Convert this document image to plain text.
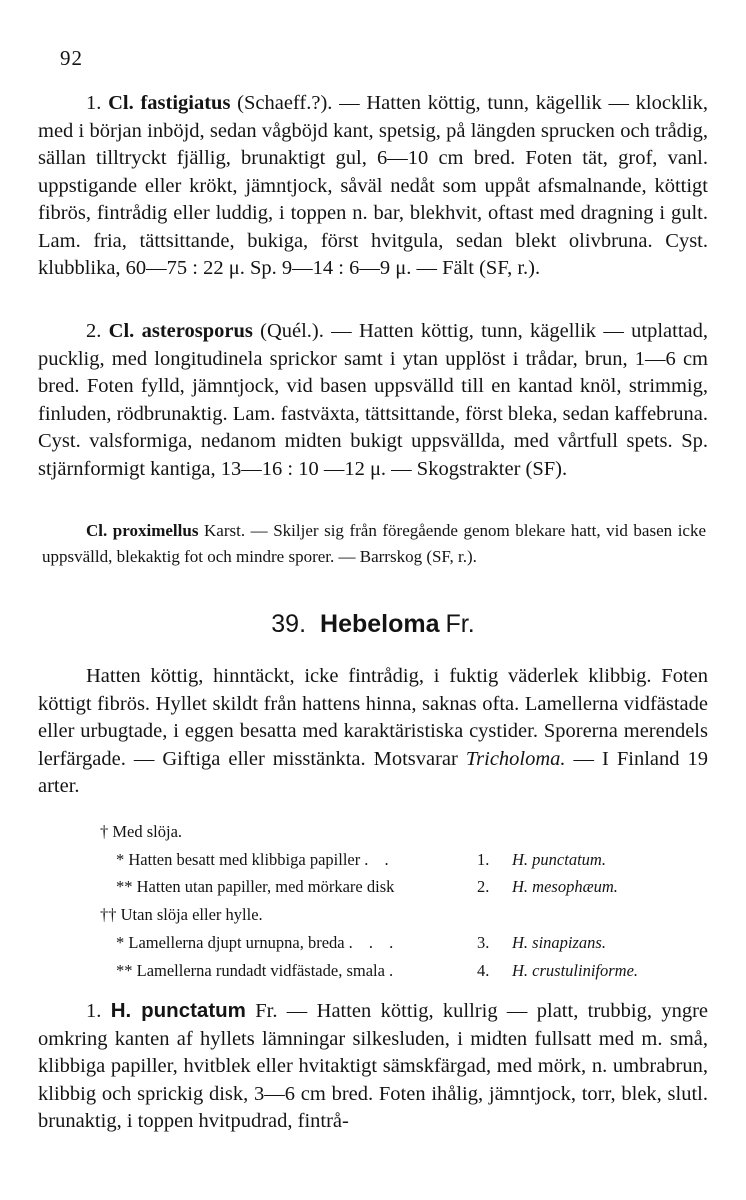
92
1. Cl. fastigiatus (Schaeff.?). — Hatten köttig, tunn, kägellik — klocklik, med i början inböjd, sedan vågböjd kant, spetsig, på längden sprucken och trådig, sällan tilltryckt fjällig, brunaktigt gul, 6—10 cm bred. Foten tät, grof, vanl. uppstigande eller krökt, jämntjock, såväl nedåt som uppåt afsmalnande, köttigt fibrös, fintrådig eller luddig, i toppen n. bar, blekhvit, oftast med dragning i gult. Lam. fria, tättsittande, bukiga, först hvitgula, sedan blekt olivbruna. Cyst. klubblika, 60—75 : 22 μ. Sp. 9—14 : 6—9 μ. — Fält (SF, r.).
2. Cl. asterosporus (Quél.). — Hatten köttig, tunn, kägellik — utplattad, pucklig, med longitudinela sprickor samt i ytan upplöst i trådar, brun, 1—6 cm bred. Foten fylld, jämntjock, vid basen uppsvälld till en kantad knöl, strimmig, finluden, rödbrunaktig. Lam. fastväxta, tättsittande, först bleka, sedan kaffebruna. Cyst. valsformiga, nedanom midten bukigt uppsvällda, med vårtfull spets. Sp. stjärnformigt kantiga, 13—16 : 10 —12 μ. — Skogstrakter (SF).
Cl. proximellus Karst. — Skiljer sig från föregående genom blekare hatt, vid basen icke uppsvälld, blekaktig fot och mindre sporer. — Barrskog (SF, r.).
39. Hebeloma Fr.
Hatten köttig, hinntäckt, icke fintrådig, i fuktig väderlek klibbig. Foten köttigt fibrös. Hyllet skildt från hattens hinna, saknas ofta. Lamellerna vidfästade eller urbugtade, i eggen besatta med karaktäristiska cystider. Sporerna merendels lerfärgade. — Giftiga eller misstänkta. Motsvarar Tricholoma. — I Finland 19 arter.
† Med slöja.
* Hatten besatt med klibbiga papiller . .	1. H. punctatum.
** Hatten utan papiller, med mörkare disk	2. H. mesophæum.
†† Utan slöja eller hylle.
* Lamellerna djupt urnupna, breda . . .	3. H. sinapizans.
** Lamellerna rundadt vidfästade, smala .	4. H. crustuliniforme.
1. H. punctatum Fr. — Hatten köttig, kullrig — platt, trubbig, yngre omkring kanten af hyllets lämningar silkesluden, i midten fullsatt med m. små, klibbiga papiller, hvitblek eller hvitaktigt sämskfärgad, med mörk, n. umbrabrun, klibbig och sprickig disk, 3—6 cm bred. Foten ihålig, jämntjock, torr, blek, slutl. brunaktig, i toppen hvitpudrad, fintrå-
